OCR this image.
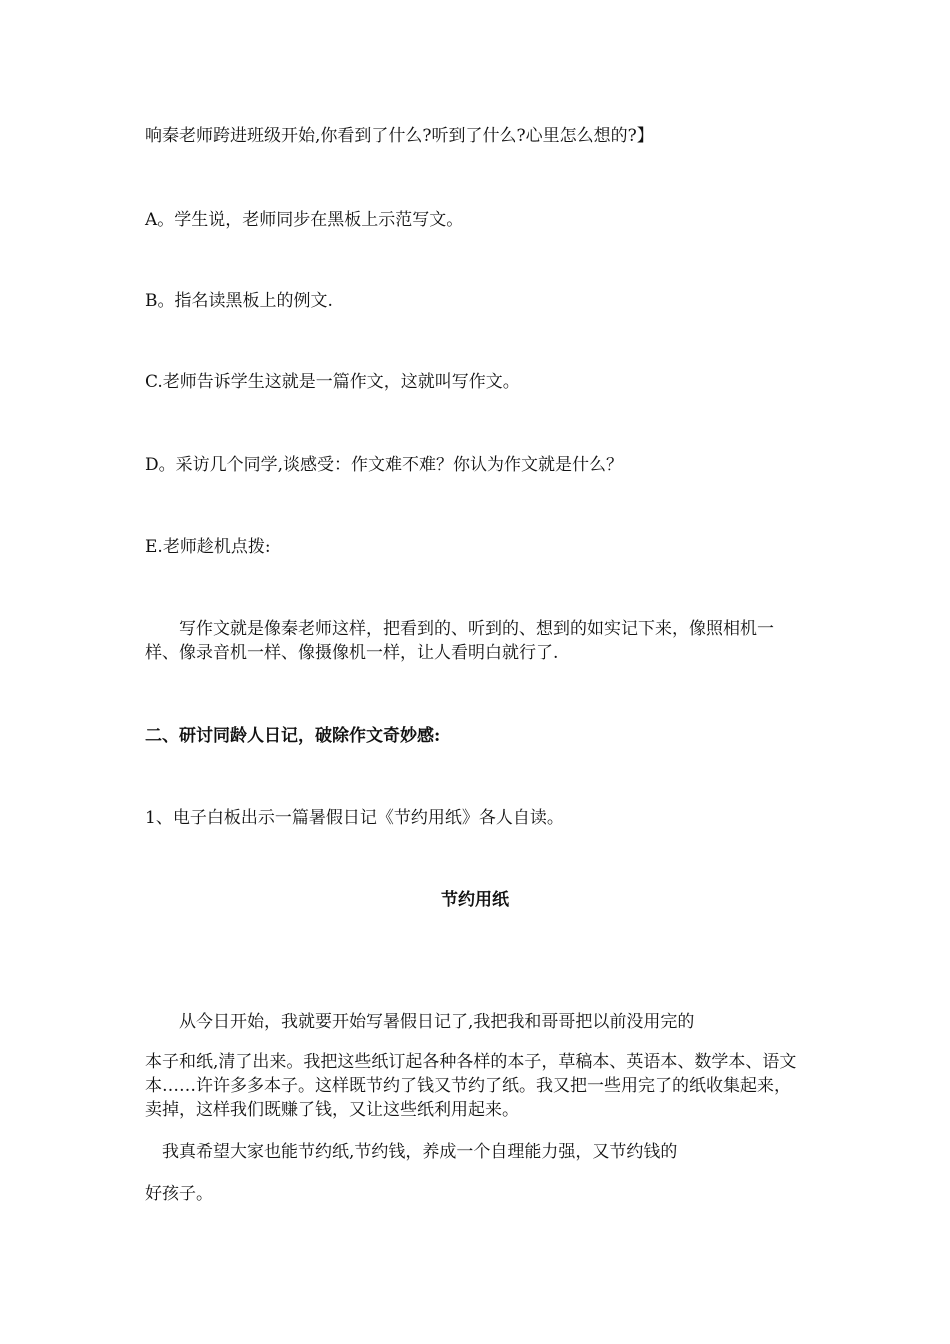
响秦老师跨进班级开始,你看到了什么?听到了什么?心里怎么想的?】
A。学生说，老师同步在黑板上示范写文。
B。指名读黑板上的例文.
C.老师告诉学生这就是一篇作文，这就叫写作文。
D。采访几个同学,谈感受：作文难不难？你认为作文就是什么？
E.老师趁机点拨:
写作文就是像秦老师这样，把看到的、听到的、想到的如实记下来，像照相机一样、像录音机一样、像摄像机一样，让人看明白就行了.
二、研讨同龄人日记，破除作文奇妙感:
1、电子白板出示一篇暑假日记《节约用纸》各人自读。
节约用纸
从今日开始，我就要开始写暑假日记了,我把我和哥哥把以前没用完的
本子和纸,清了出来。我把这些纸订起各种各样的本子，草稿本、英语本、数学本、语文本……许许多多本子。这样既节约了钱又节约了纸。我又把一些用完了的纸收集起来，卖掉，这样我们既赚了钱，又让这些纸利用起来。
我真希望大家也能节约纸,节约钱，养成一个自理能力强，又节约钱的
好孩子。
